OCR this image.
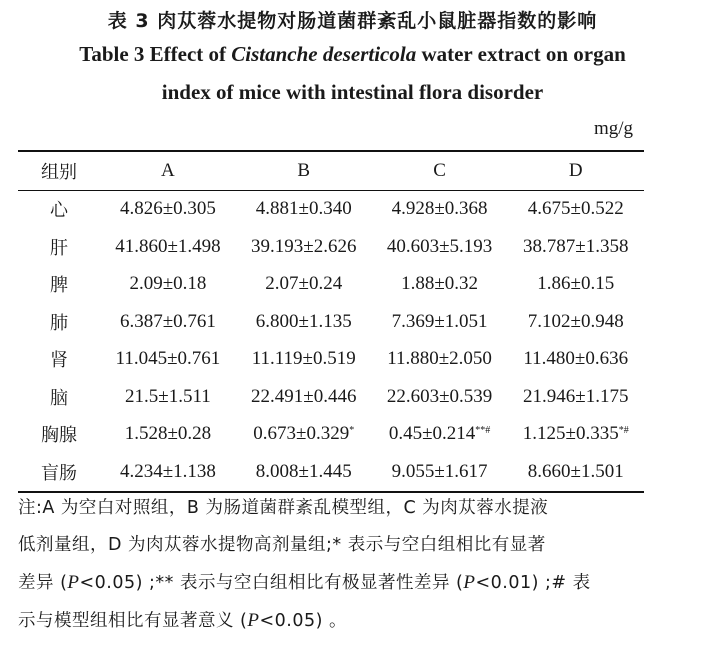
表 3 肉苁蓉水提物对肠道菌群紊乱小鼠脏器指数的影响
Table 3 Effect of Cistanche deserticola water extract on organ
index of mice with intestinal flora disorder
mg/g
组别	A	B	C	D
心	4.826±0.305	4.881±0.340	4.928±0.368	4.675±0.522
肝	41.860±1.498	39.193±2.626	40.603±5.193	38.787±1.358
脾	2.09±0.18	2.07±0.24	1.88±0.32	1.86±0.15
肺	6.387±0.761	6.800±1.135	7.369±1.051	7.102±0.948
肾	11.045±0.761	11.119±0.519	11.880±2.050	11.480±0.636
脑	21.5±1.511	22.491±0.446	22.603±0.539	21.946±1.175
胸腺	1.528±0.28	0.673±0.329*	0.45±0.214**#	1.125±0.335*#
盲肠	4.234±1.138	8.008±1.445	9.055±1.617	8.660±1.501

注:A 为空白对照组，B 为肠道菌群紊乱模型组，C 为肉苁蓉水提液

低剂量组，D 为肉苁蓉水提物高剂量组;* 表示与空白组相比有显著

差异 (P<0.05) ;** 表示与空白组相比有极显著性差异 (P<0.01) ;# 表

示与模型组相比有显著意义 (P<0.05) 。
